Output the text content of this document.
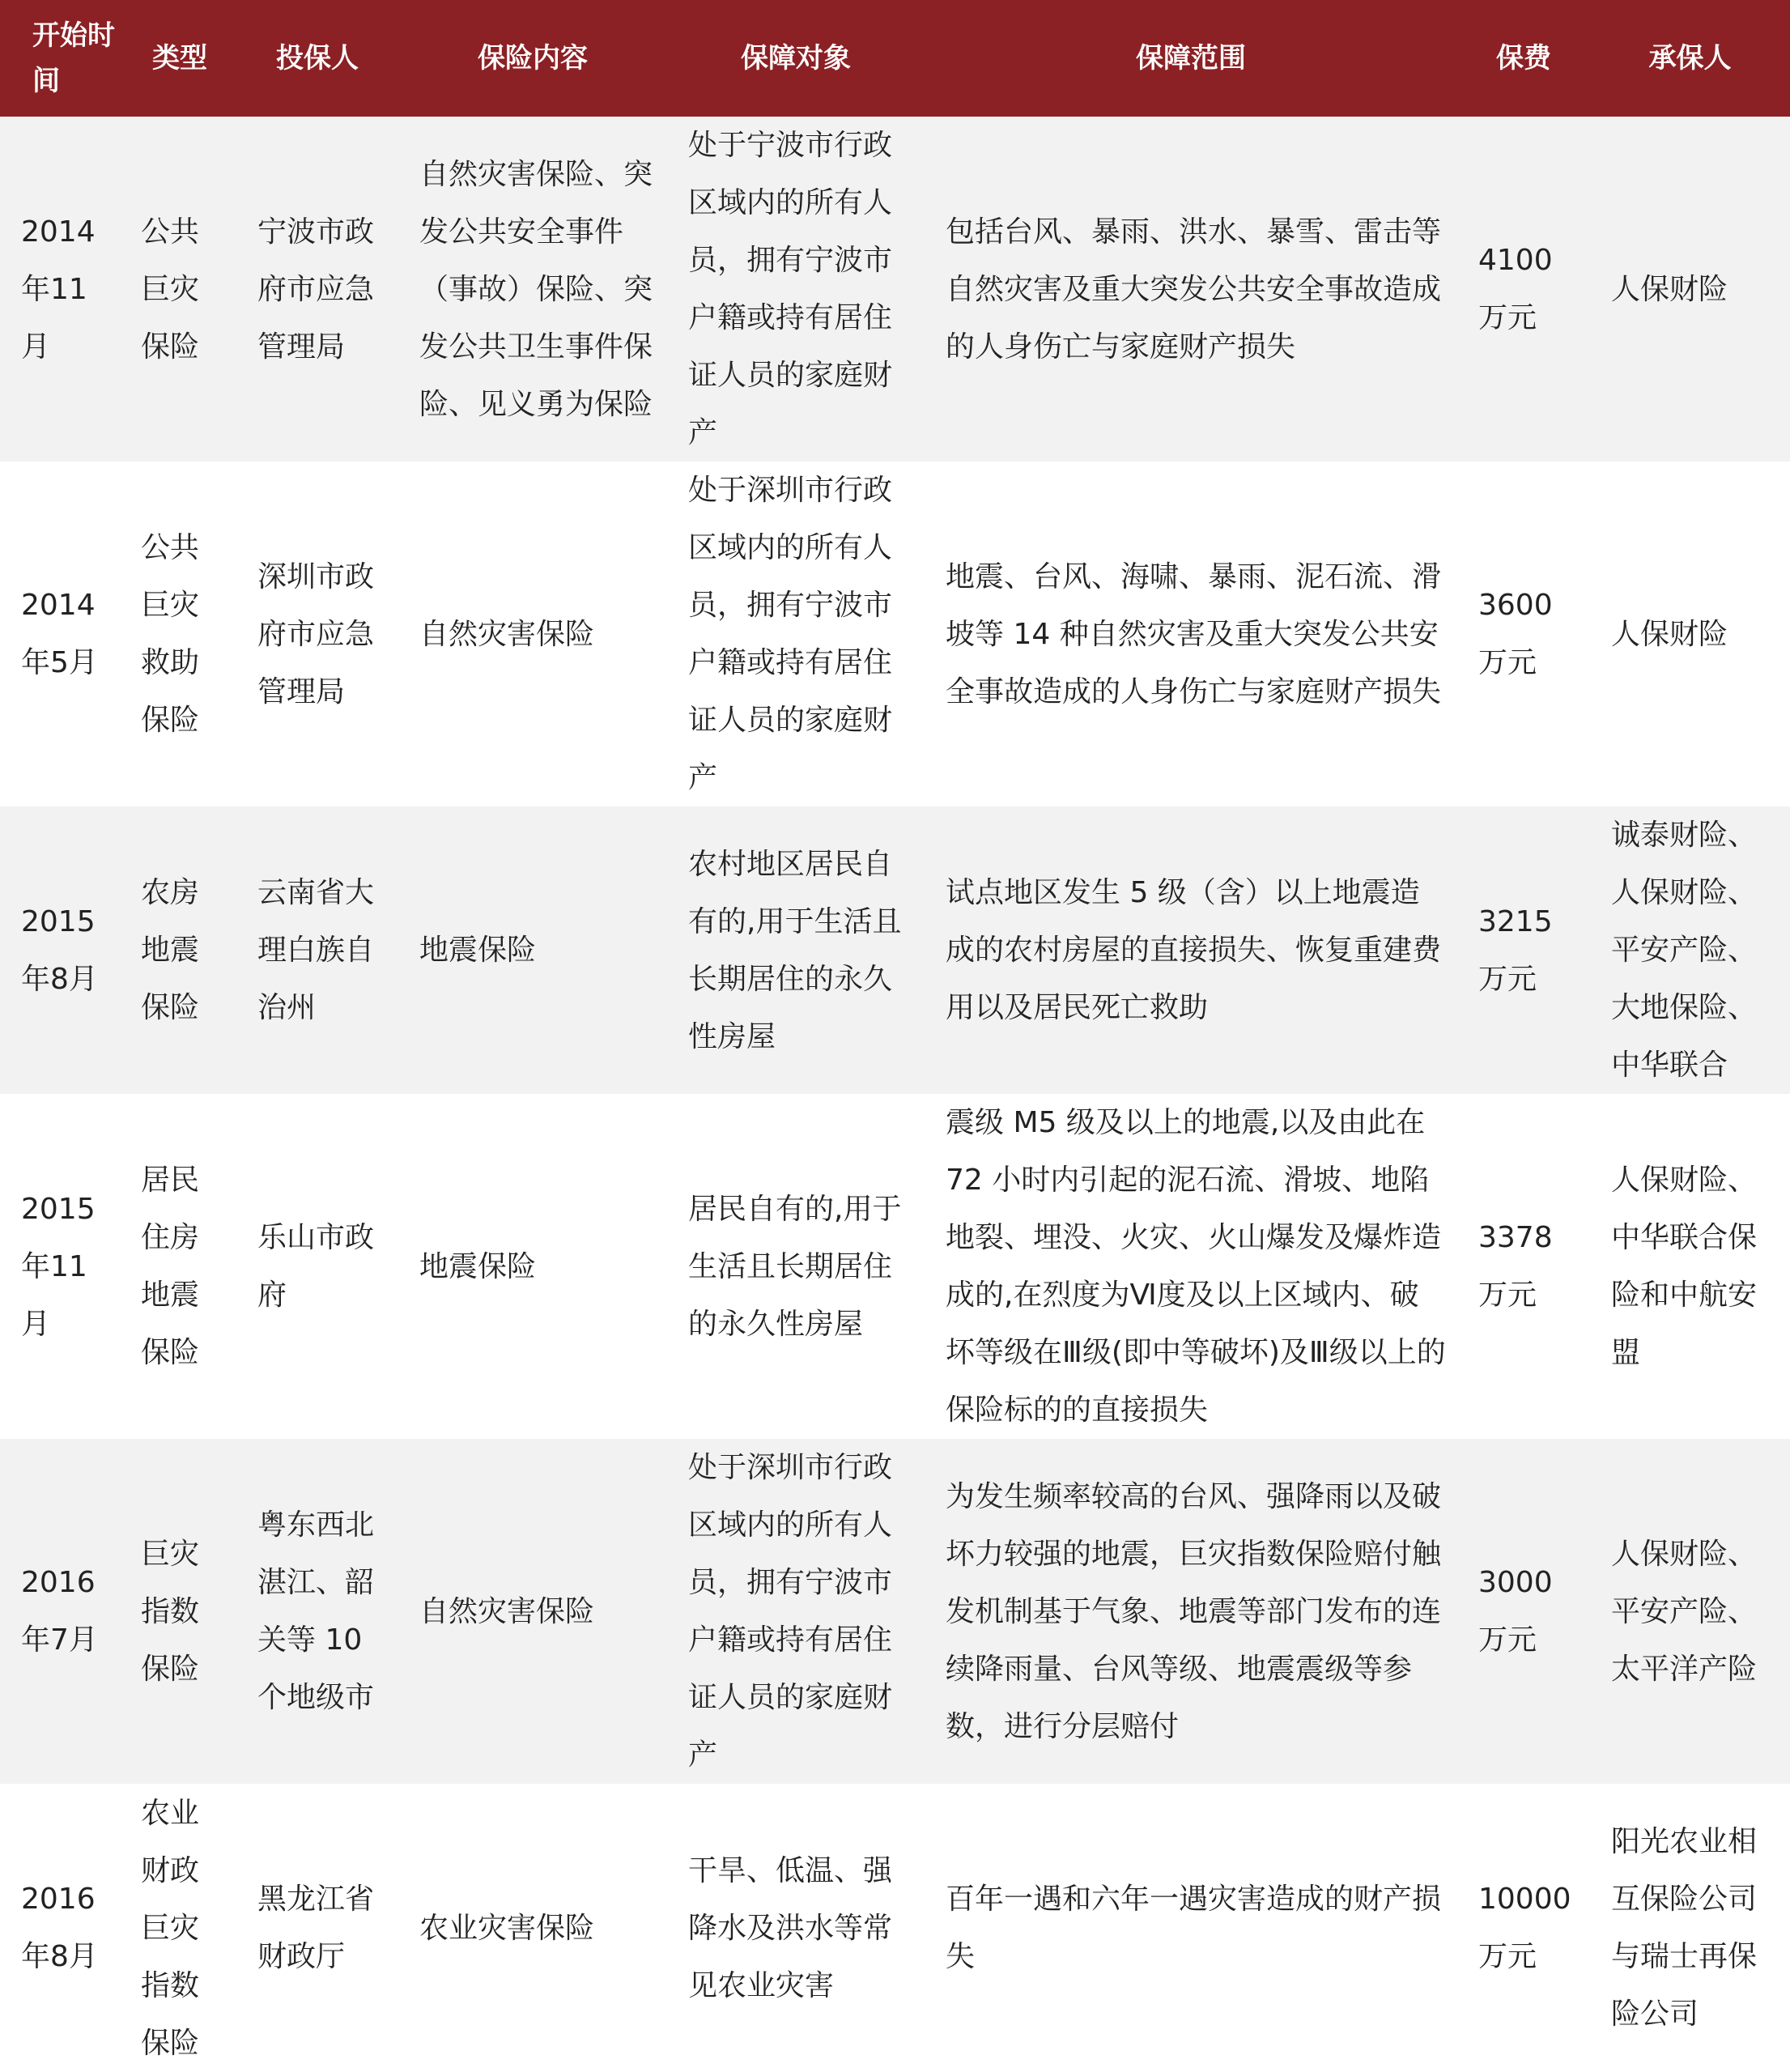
开始时间	类型	投保人	保险内容	保障对象	保障范围	保费	承保人
2014年11月	公共巨灾保险	宁波市政府市应急管理局	自然灾害保险、突发公共安全事件（事故）保险、突发公共卫生事件保险、见义勇为保险	处于宁波市行政区域内的所有人员，拥有宁波市户籍或持有居住证人员的家庭财产	包括台风、暴雨、洪水、暴雪、雷击等自然灾害及重大突发公共安全事故造成的人身伤亡与家庭财产损失	4100万元	人保财险
2014年5月	公共巨灾救助保险	深圳市政府市应急管理局	自然灾害保险	处于深圳市行政区域内的所有人员，拥有宁波市户籍或持有居住证人员的家庭财产	地震、台风、海啸、暴雨、泥石流、滑坡等 14 种自然灾害及重大突发公共安全事故造成的人身伤亡与家庭财产损失	3600万元	人保财险
2015年8月	农房地震保险	云南省大理白族自治州	地震保险	农村地区居民自有的,用于生活且长期居住的永久性房屋	试点地区发生 5 级（含）以上地震造成的农村房屋的直接损失、恢复重建费用以及居民死亡救助	3215万元	诚泰财险、人保财险、平安产险、大地保险、中华联合
2015年11月	居民住房地震保险	乐山市政府	地震保险	居民自有的,用于生活且长期居住的永久性房屋	震级 M5 级及以上的地震,以及由此在 72 小时内引起的泥石流、滑坡、地陷地裂、埋没、火灾、火山爆发及爆炸造成的,在烈度为Ⅵ度及以上区域内、破坏等级在Ⅲ级(即中等破坏)及Ⅲ级以上的保险标的的直接损失	3378万元	人保财险、中华联合保险和中航安盟
2016年7月	巨灾指数保险	粤东西北湛江、韶关等 10 个地级市	自然灾害保险	处于深圳市行政区域内的所有人员，拥有宁波市户籍或持有居住证人员的家庭财产	为发生频率较高的台风、强降雨以及破坏力较强的地震，巨灾指数保险赔付触发机制基于气象、地震等部门发布的连续降雨量、台风等级、地震震级等参数，进行分层赔付	3000万元	人保财险、平安产险、太平洋产险
2016年8月	农业财政巨灾指数保险	黑龙江省财政厅	农业灾害保险	干旱、低温、强降水及洪水等常见农业灾害	百年一遇和六年一遇灾害造成的财产损失	10000万元	阳光农业相互保险公司与瑞士再保险公司
